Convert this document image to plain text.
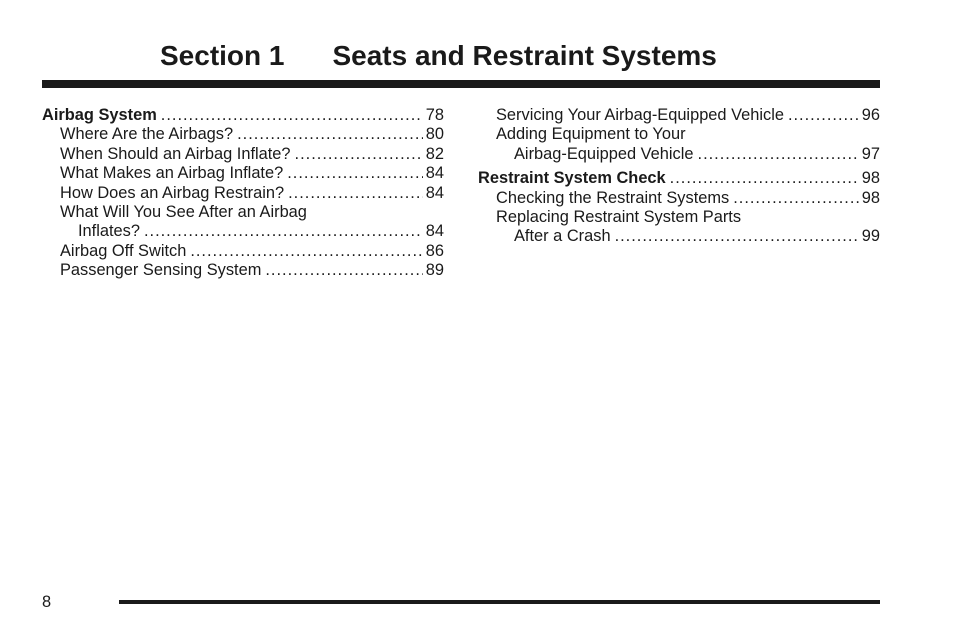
Section 1 Seats and Restraint Systems
Airbag System .....	78
Where Are the Airbags? .....	80
When Should an Airbag Inflate? .....	82
What Makes an Airbag Inflate? .....	84
How Does an Airbag Restrain? .....	84
What Will You See After an Airbag
Inflates? .....	84
Airbag Off Switch .....	86
Passenger Sensing System .....	89
Servicing Your Airbag-Equipped Vehicle .....	96
Adding Equipment to Your
Airbag-Equipped Vehicle .....	97
Restraint System Check .....	98
Checking the Restraint Systems .....	98
Replacing Restraint System Parts
After a Crash .....	99
8
